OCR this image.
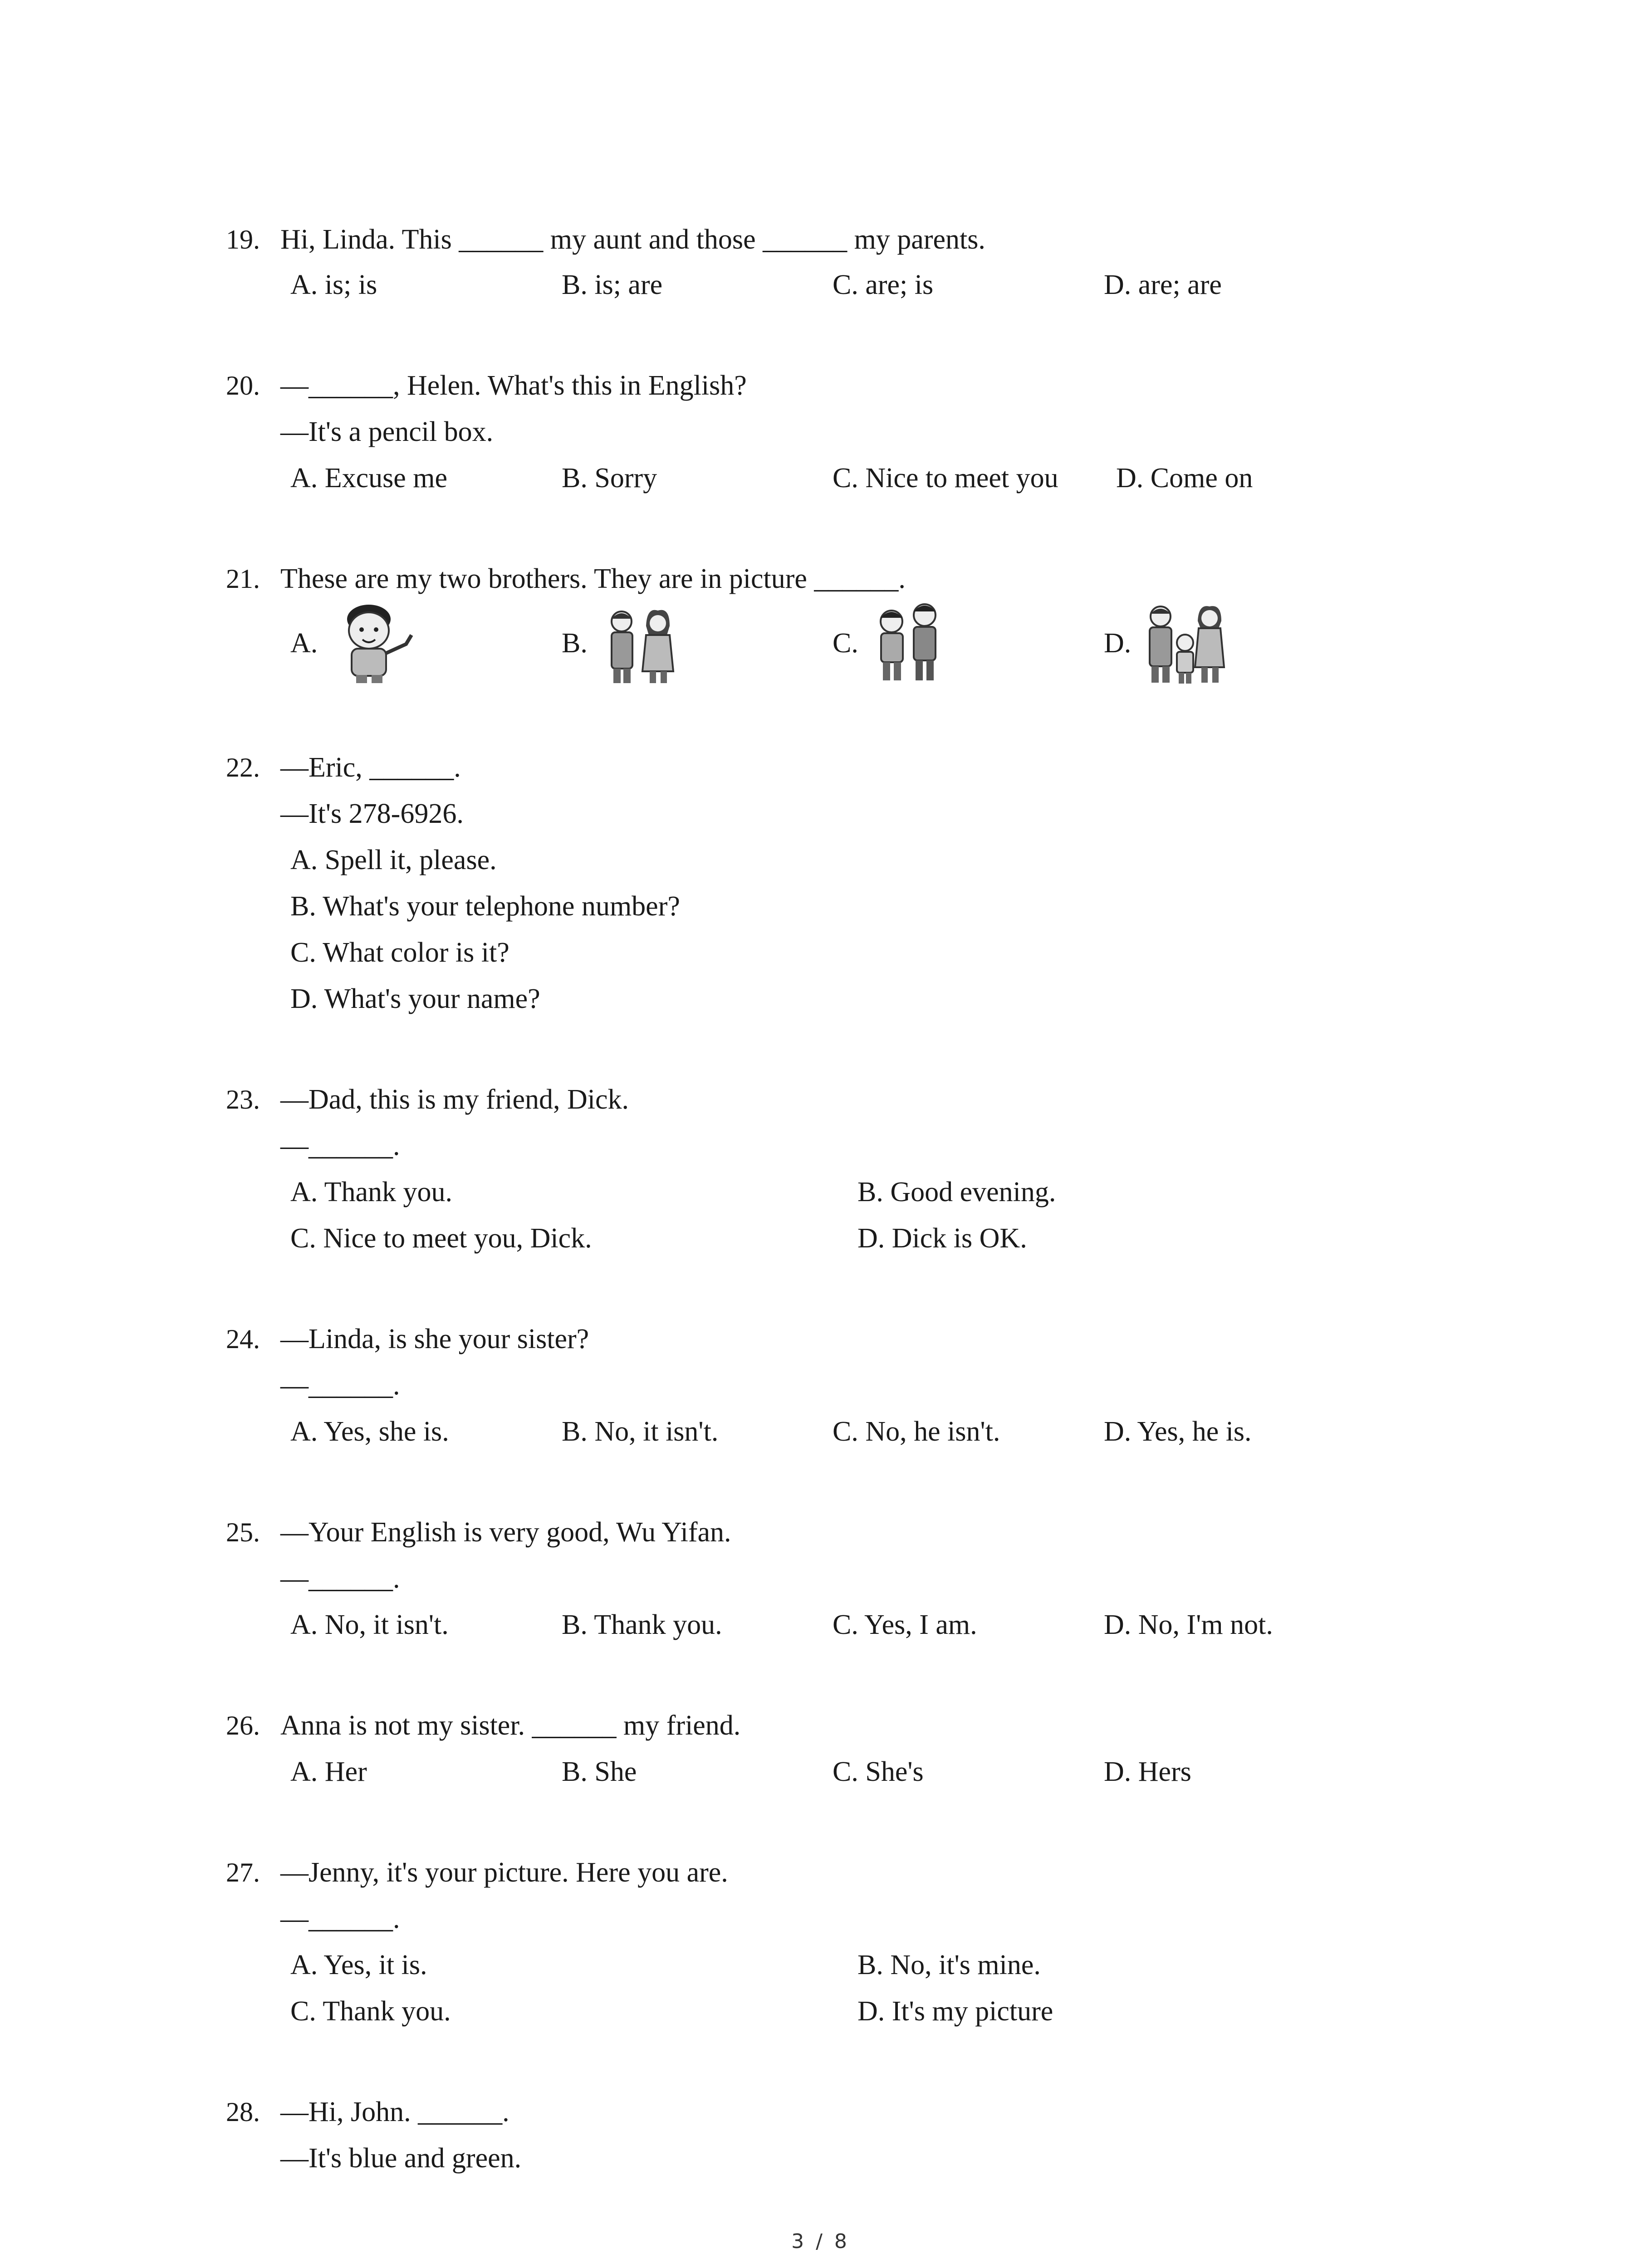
19. Hi, Linda. This ______ my aunt and those ______ my parents.
A. is; is	B. is; are	C. are; is	D. are; are
20. —______, Helen. What's this in English?
—It's a pencil box.
A. Excuse me	B. Sorry	C. Nice to meet you D. Come on
21. These are my two brothers. They are in picture ______.
A.	B.	C.	D.
22. —Eric, ______.
—It's 278-6926.
A. Spell it, please.
B. What's your telephone number?
C. What color is it?
D. What's your name?
23. —Dad, this is my friend, Dick.
—______.
A. Thank you.	B. Good evening.
C. Nice to meet you, Dick.	D. Dick is OK.
24. —Linda, is she your sister?
—______.
A. Yes, she is.	B. No, it isn't.	C. No, he isn't.	D. Yes, he is.
25. —Your English is very good, Wu Yifan.
—______.
A. No, it isn't.	B. Thank you.	C. Yes, I am.	D. No, I'm not.
26. Anna is not my sister. ______ my friend.
A. Her	B. She	C. She's	D. Hers
27. —Jenny, it's your picture. Here you are.
—______.
A. Yes, it is.	B. No, it's mine.
C. Thank you.	D. It's my picture
28. —Hi, John. ______.
—It's blue and green.
3 / 8
